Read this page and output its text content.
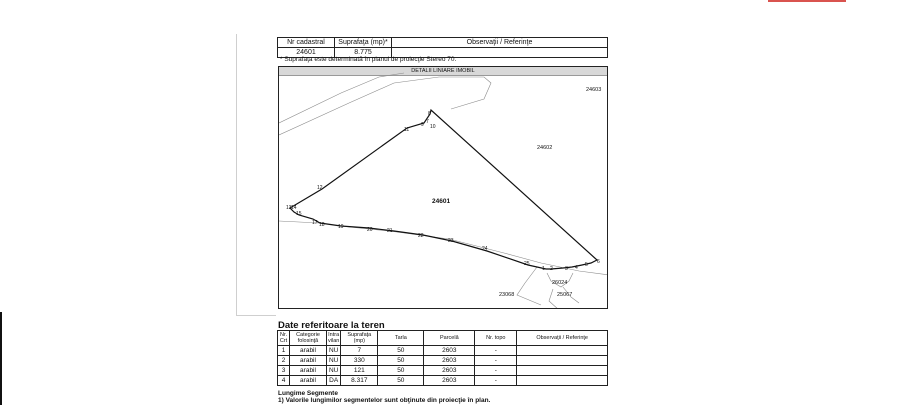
Nr cadastral	Suprafaţa (mp)*	Observaţii / Referinţe
24601	8.775	
* Suprafaţa este determinată în planul de proiecţie Stereo 70.
DETALII LINIARE IMOBIL
7
8
9 10
11
12
13 14
15
17 18	19	20	21
22
23
24
25
1 2 3 4 5 6
24601
24602
24603
23068
26024
25067
Date referitoare la teren
Nr. Crt	Categorie folosinţă	Intra vilan	Suprafaţa (mp)	Tarla	Parcelă	Nr. topo	Observaţii / Referinţe
1	arabil	NU	7	50	2603	-	
2	arabil	NU	330	50	2603	-	
3	arabil	NU	121	50	2603	-	
4	arabil	DA	8.317	50	2603	-	
Lungime Segmente
1) Valorile lungimilor segmentelor sunt obţinute din proiecţie în plan.
